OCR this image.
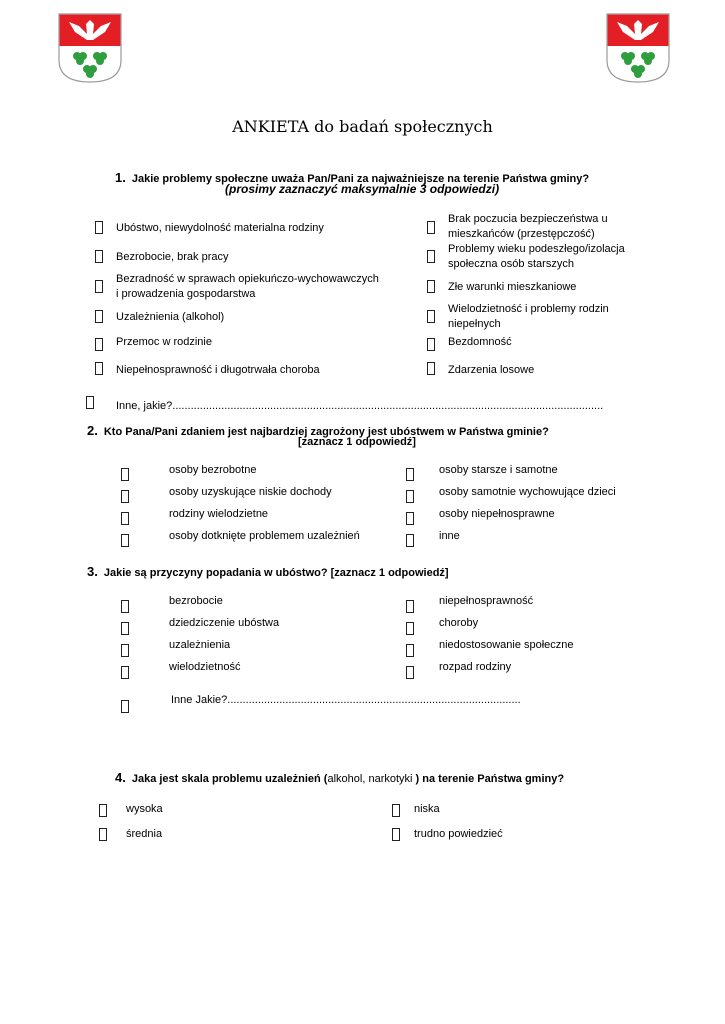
ANKIETA do badań społecznych
1. Jakie problemy społeczne uważa Pan/Pani za najważniejsze na terenie Państwa gminy?
(prosimy zaznaczyć maksymalnie 3 odpowiedzi)
Ubóstwo, niewydolność materialna rodziny
Bezrobocie, brak pracy
Bezradność w sprawach opiekuńczo-wychowawczych
i prowadzenia gospodarstwa
Uzależnienia (alkohol)
Przemoc w rodzinie
Niepełnosprawność i długotrwała choroba
Brak poczucia bezpieczeństwa u
mieszkańców (przestępczość)
Problemy wieku podeszłego/izolacja
społeczna osób starszych
Złe warunki mieszkaniowe
Wielodzietność i problemy rodzin
niepełnych
Bezdomność
Zdarzenia losowe
Inne, jakie?.............................................................................................................................................
2. Kto Pana/Pani zdaniem jest najbardziej zagrożony jest ubóstwem w Państwa gminie?
[zaznacz 1 odpowiedź]
osoby bezrobotne
osoby uzyskujące niskie dochody
rodziny wielodzietne
osoby dotknięte problemem uzależnień
osoby starsze i samotne
osoby samotnie wychowujące dzieci
osoby niepełnosprawne
inne
3. Jakie są przyczyny popadania w ubóstwo? [zaznacz 1 odpowiedź]
bezrobocie
dziedziczenie ubóstwa
uzależnienia
wielodzietność
niepełnosprawność
choroby
niedostosowanie społeczne
rozpad rodziny
Inne Jakie?................................................................................................
4. Jaka jest skala problemu uzależnień (alkohol, narkotyki ) na terenie Państwa gminy?
wysoka
średnia
niska
trudno powiedzieć
